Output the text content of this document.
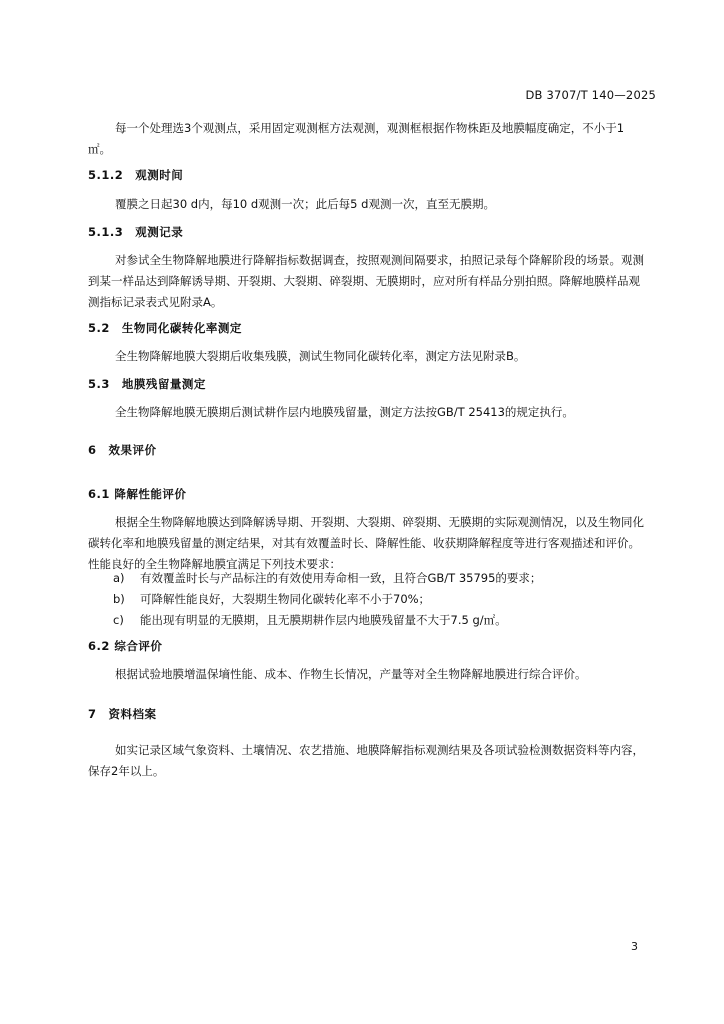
DB 3707/T 140—2025

每一个处理选3个观测点，采用固定观测框方法观测，观测框根据作物株距及地膜幅度确定，不小于1 ㎡。

5.1.2　观测时间

覆膜之日起30 d内，每10 d观测一次；此后每5 d观测一次，直至无膜期。

5.1.3　观测记录

对参试全生物降解地膜进行降解指标数据调查，按照观测间隔要求，拍照记录每个降解阶段的场景。观测到某一样品达到降解诱导期、开裂期、大裂期、碎裂期、无膜期时，应对所有样品分别拍照。降解地膜样品观测指标记录表式见附录A。

5.2　生物同化碳转化率测定

全生物降解地膜大裂期后收集残膜，测试生物同化碳转化率，测定方法见附录B。

5.3　地膜残留量测定

全生物降解地膜无膜期后测试耕作层内地膜残留量，测定方法按GB/T 25413的规定执行。

6　效果评价
6.1 降解性能评价

根据全生物降解地膜达到降解诱导期、开裂期、大裂期、碎裂期、无膜期的实际观测情况，以及生物同化碳转化率和地膜残留量的测定结果，对其有效覆盖时长、降解性能、收获期降解程度等进行客观描述和评价。性能良好的全生物降解地膜宜满足下列技术要求：

a) 有效覆盖时长与产品标注的有效使用寿命相一致，且符合GB/T 35795的要求；
b) 可降解性能良好，大裂期生物同化碳转化率不小于70%；
c) 能出现有明显的无膜期，且无膜期耕作层内地膜残留量不大于7.5 g/㎡。
6.2 综合评价

根据试验地膜增温保墒性能、成本、作物生长情况，产量等对全生物降解地膜进行综合评价。

7　资料档案

如实记录区域气象资料、土壤情况、农艺措施、地膜降解指标观测结果及各项试验检测数据资料等内容，保存2年以上。

3
